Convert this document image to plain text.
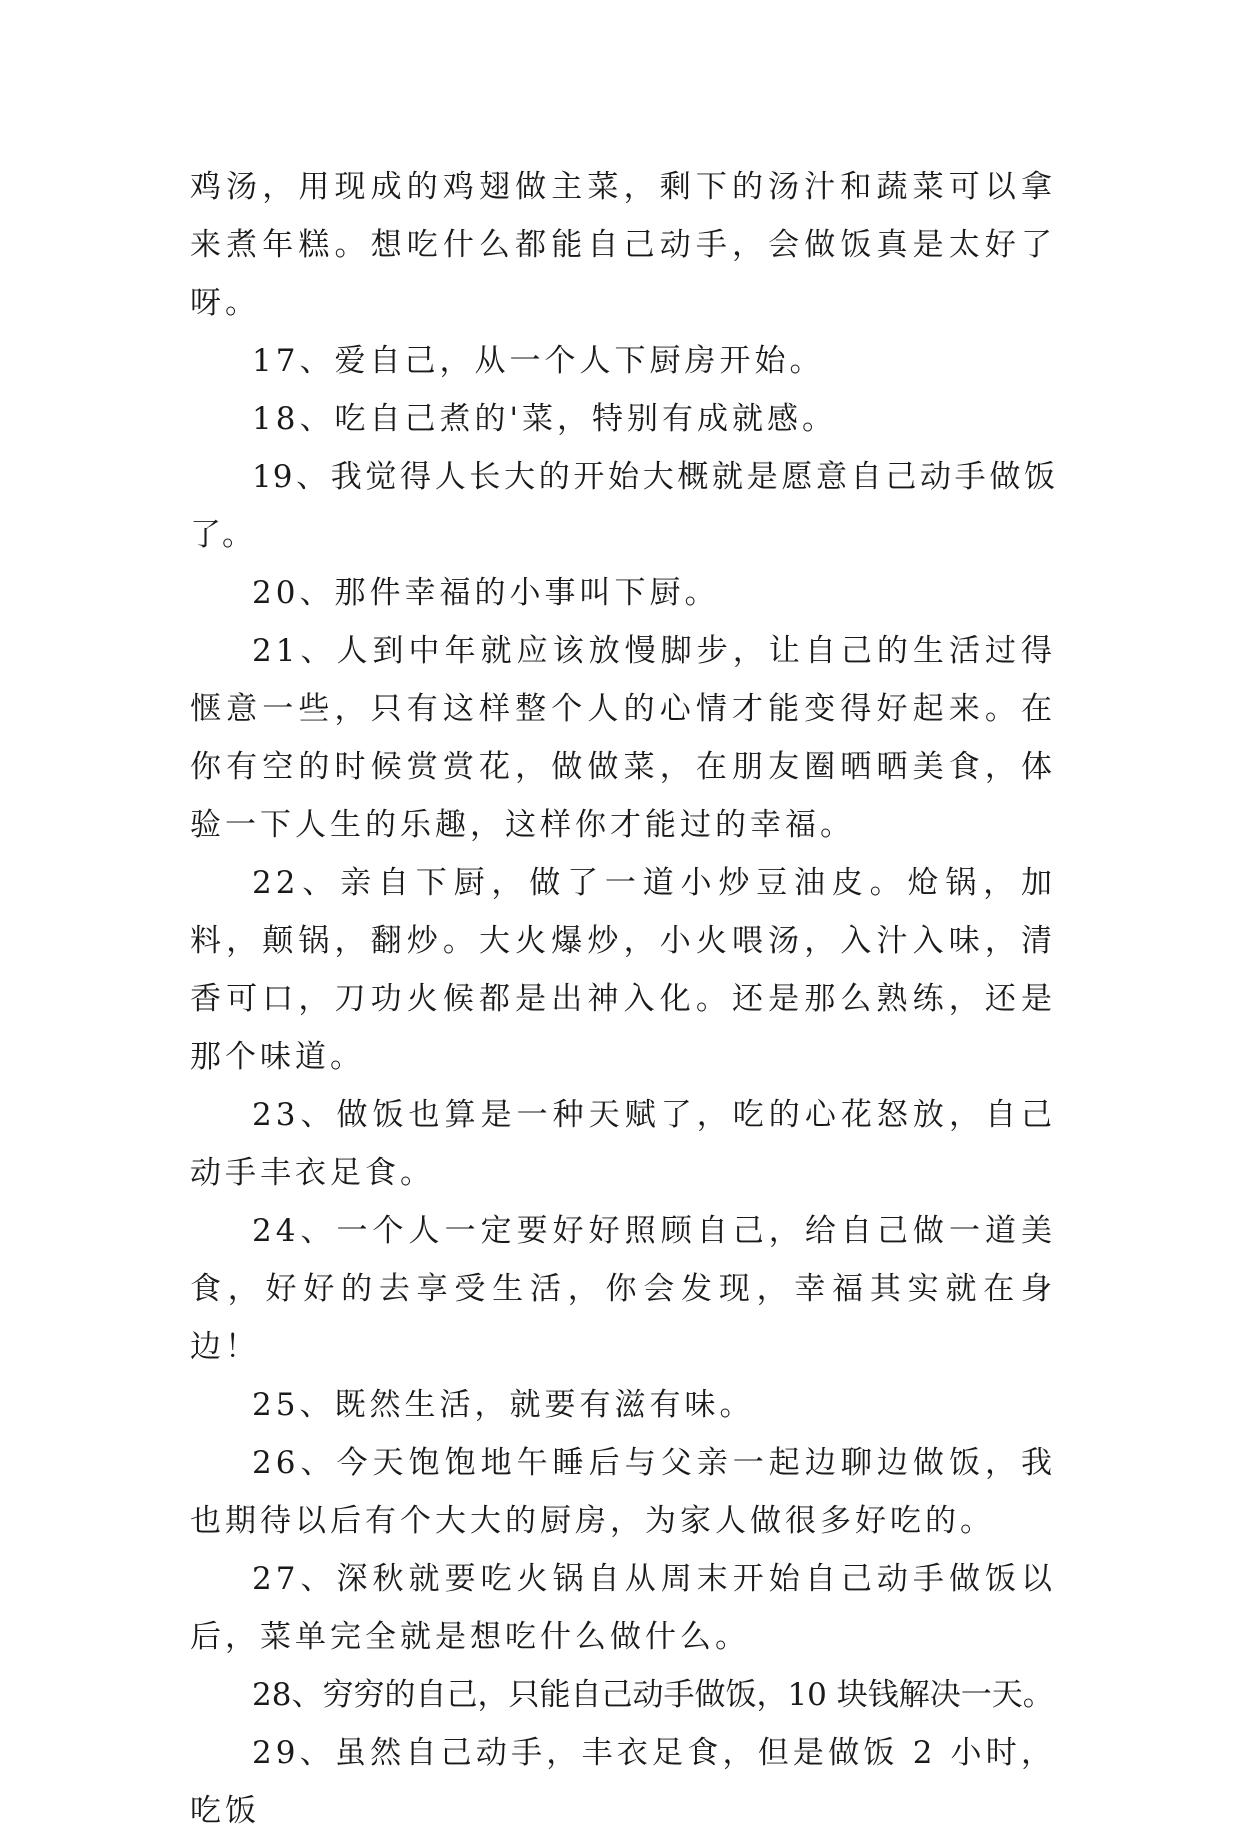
鸡汤，用现成的鸡翅做主菜，剩下的汤汁和蔬菜可以拿来煮年糕。想吃什么都能自己动手，会做饭真是太好了呀。

17、爱自己，从一个人下厨房开始。

18、吃自己煮的'菜，特别有成就感。

19、我觉得人长大的开始大概就是愿意自己动手做饭了。

20、那件幸福的小事叫下厨。

21、人到中年就应该放慢脚步，让自己的生活过得惬意一些，只有这样整个人的心情才能变得好起来。在你有空的时候赏赏花，做做菜，在朋友圈晒晒美食，体验一下人生的乐趣，这样你才能过的幸福。

22、亲自下厨，做了一道小炒豆油皮。炝锅，加料，颠锅，翻炒。大火爆炒，小火喂汤，入汁入味，清香可口，刀功火候都是出神入化。还是那么熟练，还是那个味道。

23、做饭也算是一种天赋了，吃的心花怒放，自己动手丰衣足食。

24、一个人一定要好好照顾自己，给自己做一道美食，好好的去享受生活，你会发现，幸福其实就在身边！

25、既然生活，就要有滋有味。

26、今天饱饱地午睡后与父亲一起边聊边做饭，我也期待以后有个大大的厨房，为家人做很多好吃的。

27、深秋就要吃火锅自从周末开始自己动手做饭以后，菜单完全就是想吃什么做什么。

28、穷穷的自己，只能自己动手做饭，10 块钱解决一天。

29、虽然自己动手，丰衣足食，但是做饭 2 小时，吃饭
